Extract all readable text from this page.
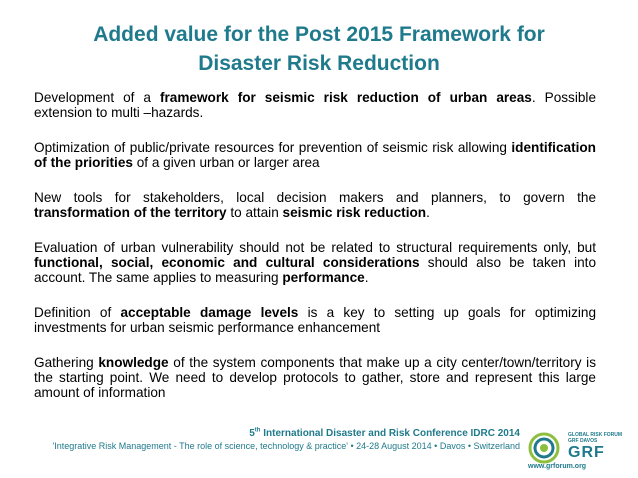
Added value for the Post 2015 Framework for
Disaster Risk Reduction

Development of a framework for seismic risk reduction of urban areas. Possible extension to multi –hazards.

Optimization of public/private resources for prevention of seismic risk allowing identification of the priorities of a given urban or larger area

New tools for stakeholders, local decision makers and planners, to govern the transformation of the territory to attain seismic risk reduction.

Evaluation of urban vulnerability should not be related to structural requirements only, but functional, social, economic and cultural considerations should also be taken into account. The same applies to measuring performance.

Definition of acceptable damage levels is a key to setting up goals for optimizing investments for urban seismic performance enhancement

Gathering knowledge of the system components that make up a city center/town/territory is the starting point. We need to develop protocols to gather, store and represent this large amount of information

5th International Disaster and Risk Conference IDRC 2014
'Integrative Risk Management - The role of science, technology & practice' • 24-28 August 2014 • Davos • Switzerland
GLOBAL RISK FORUM
GRF DAVOS
GRF
www.grforum.org
